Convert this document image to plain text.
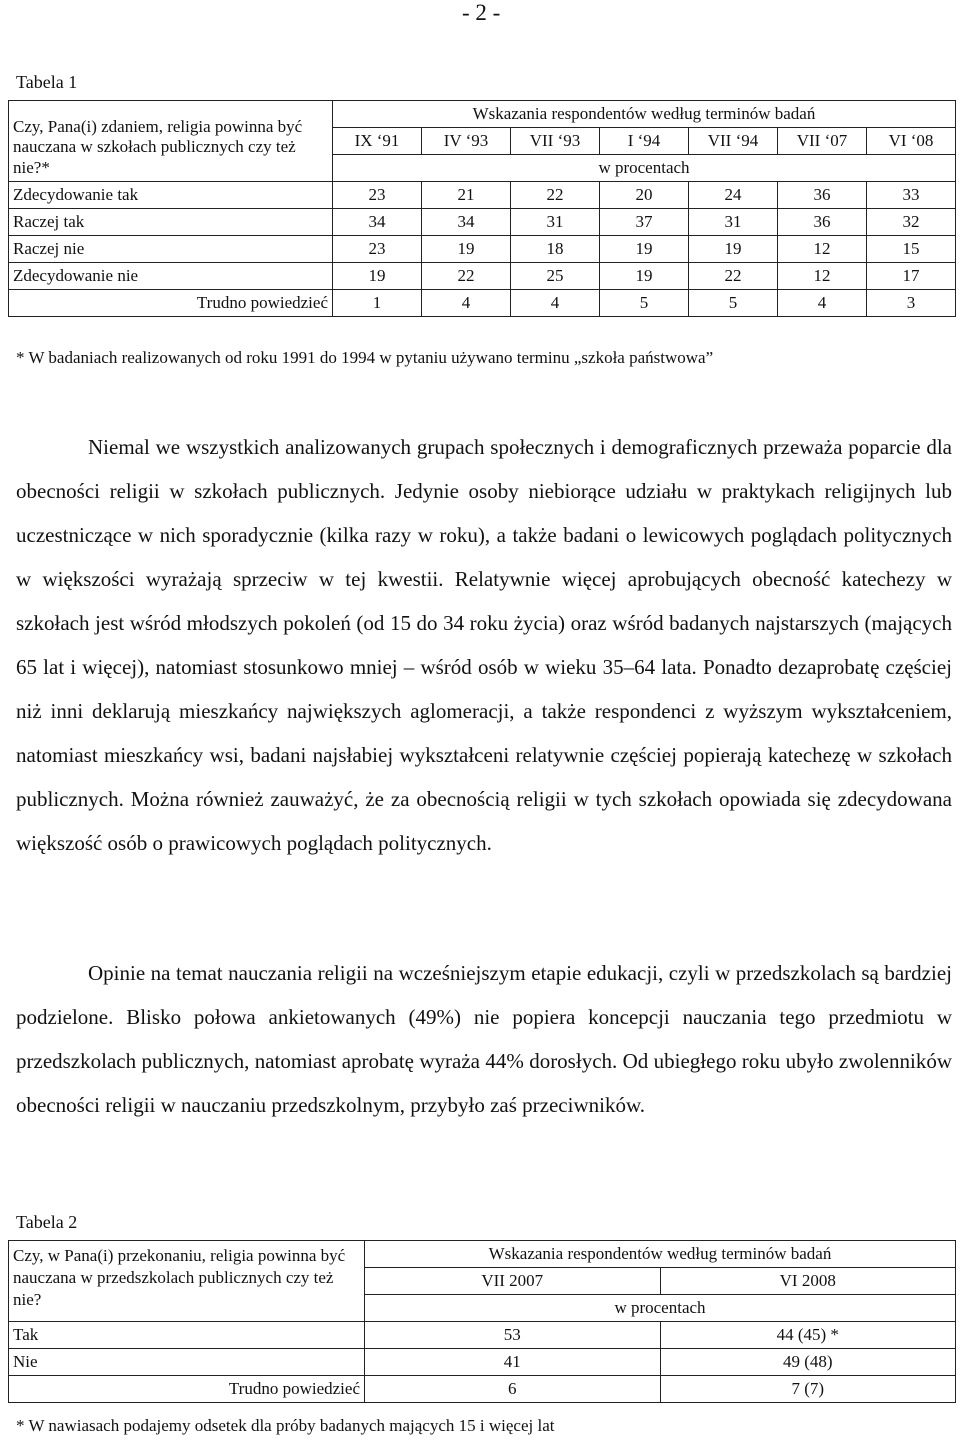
- 2 -
Tabela 1
Czy, Pana(i) zdaniem, religia powinna być nauczana w szkołach publicznych czy też nie?*	Wskazania respondentów według terminów badań						
	IX ‘91	IV ‘93	VII ‘93	I ‘94	VII ‘94	VII ‘07	VI ‘08
	w procentach						
Zdecydowanie tak	23	21	22	20	24	36	33
Raczej tak	34	34	31	37	31	36	32
Raczej nie	23	19	18	19	19	12	15
Zdecydowanie nie	19	22	25	19	22	12	17
Trudno powiedzieć	1	4	4	5	5	4	3
* W badaniach realizowanych od roku 1991 do 1994 w pytaniu używano terminu „szkoła państwowa”

Niemal we wszystkich analizowanych grupach społecznych i demograficznych przeważa poparcie dla obecności religii w szkołach publicznych. Jedynie osoby niebiorące udziału w praktykach religijnych lub uczestniczące w nich sporadycznie (kilka razy w roku), a także badani o lewicowych poglądach politycznych w większości wyrażają sprzeciw w tej kwestii. Relatywnie więcej aprobujących obecność katechezy w szkołach jest wśród młodszych pokoleń (od 15 do 34 roku życia) oraz wśród badanych najstarszych (mających 65 lat i więcej), natomiast stosunkowo mniej – wśród osób w wieku 35–64 lata. Ponadto dezaprobatę częściej niż inni deklarują mieszkańcy największych aglomeracji, a także respondenci z wyższym wykształceniem, natomiast mieszkańcy wsi, badani najsłabiej wykształceni relatywnie częściej popierają katechezę w szkołach publicznych. Można również zauważyć, że za obecnością religii w tych szkołach opowiada się zdecydowana większość osób o prawicowych poglądach politycznych.

Opinie na temat nauczania religii na wcześniejszym etapie edukacji, czyli w przedszkolach są bardziej podzielone. Blisko połowa ankietowanych (49%) nie popiera koncepcji nauczania tego przedmiotu w przedszkolach publicznych, natomiast aprobatę wyraża 44% dorosłych. Od ubiegłego roku ubyło zwolenników obecności religii w nauczaniu przedszkolnym, przybyło zaś przeciwników.

Tabela 2
Czy, w Pana(i) przekonaniu, religia powinna być nauczana w przedszkolach publicznych czy też nie?	Wskazania respondentów według terminów badań	
	VII 2007	VI 2008
	w procentach	
Tak	53	44 (45) *
Nie	41	49 (48)
Trudno powiedzieć	6	7 (7)
* W nawiasach podajemy odsetek dla próby badanych mających 15 i więcej lat
